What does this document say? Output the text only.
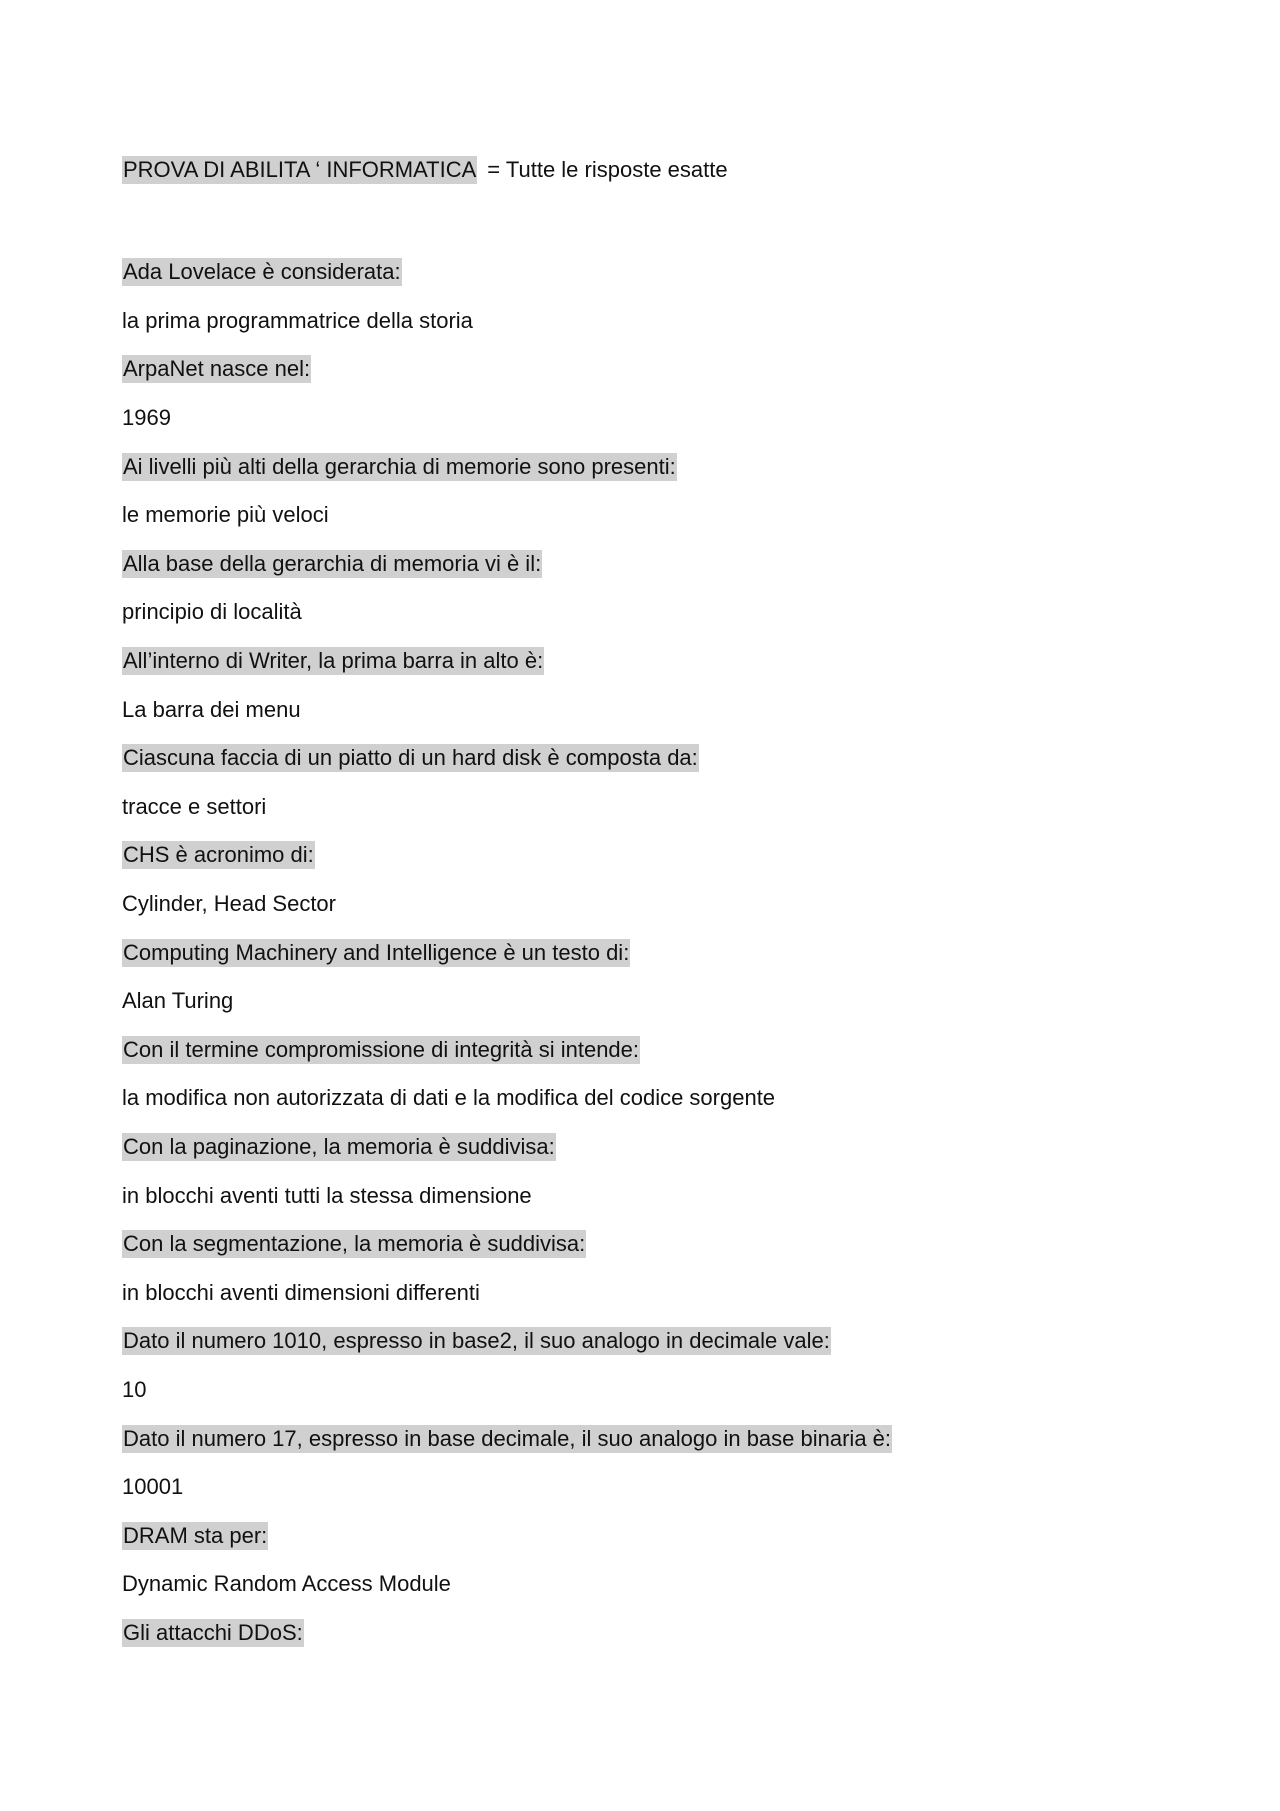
PROVA DI ABILITA ‘ INFORMATICA = Tutte le risposte esatte
Ada Lovelace è considerata:
la prima programmatrice della storia
ArpaNet nasce nel:
1969
Ai livelli più alti della gerarchia di memorie sono presenti:
le memorie più veloci
Alla base della gerarchia di memoria vi è il:
principio di località
All’interno di Writer, la prima barra in alto è:
La barra dei menu
Ciascuna faccia di un piatto di un hard disk è composta da:
tracce e settori
CHS è acronimo di:
Cylinder, Head Sector
Computing Machinery and Intelligence è un testo di:
Alan Turing
Con il termine compromissione di integrità si intende:
la modifica non autorizzata di dati e la modifica del codice sorgente
Con la paginazione, la memoria è suddivisa:
in blocchi aventi tutti la stessa dimensione
Con la segmentazione, la memoria è suddivisa:
in blocchi aventi dimensioni differenti
Dato il numero 1010, espresso in base2, il suo analogo in decimale vale:
10
Dato il numero 17, espresso in base decimale, il suo analogo in base binaria è:
10001
DRAM sta per:
Dynamic Random Access Module
Gli attacchi DDoS:
